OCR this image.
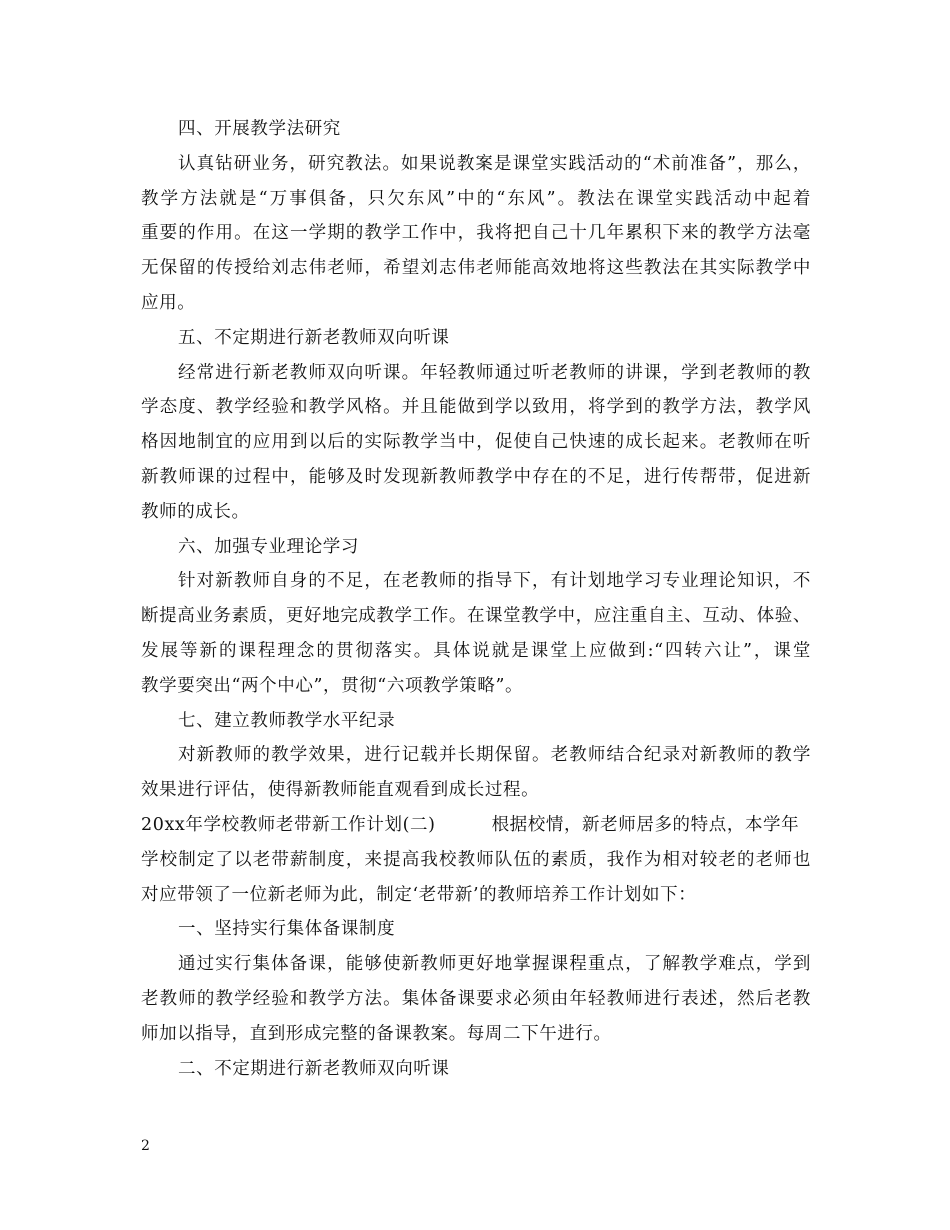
四、开展教学法研究
认真钻研业务，研究教法。如果说教案是课堂实践活动的“术前准备”，那么，
教学方法就是“万事俱备，只欠东风”中的“东风”。教法在课堂实践活动中起着
重要的作用。在这一学期的教学工作中，我将把自己十几年累积下来的教学方法毫
无保留的传授给刘志伟老师，希望刘志伟老师能高效地将这些教法在其实际教学中
应用。
五、不定期进行新老教师双向听课
经常进行新老教师双向听课。年轻教师通过听老教师的讲课，学到老教师的教
学态度、教学经验和教学风格。并且能做到学以致用，将学到的教学方法，教学风
格因地制宜的应用到以后的实际教学当中，促使自己快速的成长起来。老教师在听
新教师课的过程中，能够及时发现新教师教学中存在的不足，进行传帮带，促进新
教师的成长。
六、加强专业理论学习
针对新教师自身的不足，在老教师的指导下，有计划地学习专业理论知识，不
断提高业务素质，更好地完成教学工作。在课堂教学中，应注重自主、互动、体验、
发展等新的课程理念的贯彻落实。具体说就是课堂上应做到:“四转六让”，课堂
教学要突出“两个中心”，贯彻“六项教学策略”。
七、建立教师教学水平纪录
对新教师的教学效果，进行记载并长期保留。老教师结合纪录对新教师的教学
效果进行评估，使得新教师能直观看到成长过程。
20xx年学校教师老带新工作计划(二)	根据校情，新老师居多的特点，本学年
学校制定了以老带薪制度，来提高我校教师队伍的素质，我作为相对较老的老师也
对应带领了一位新老师为此，制定‘老带新’的教师培养工作计划如下：
一、坚持实行集体备课制度
通过实行集体备课，能够使新教师更好地掌握课程重点，了解教学难点，学到
老教师的教学经验和教学方法。集体备课要求必须由年轻教师进行表述，然后老教
师加以指导，直到形成完整的备课教案。每周二下午进行。
二、不定期进行新老教师双向听课
2
